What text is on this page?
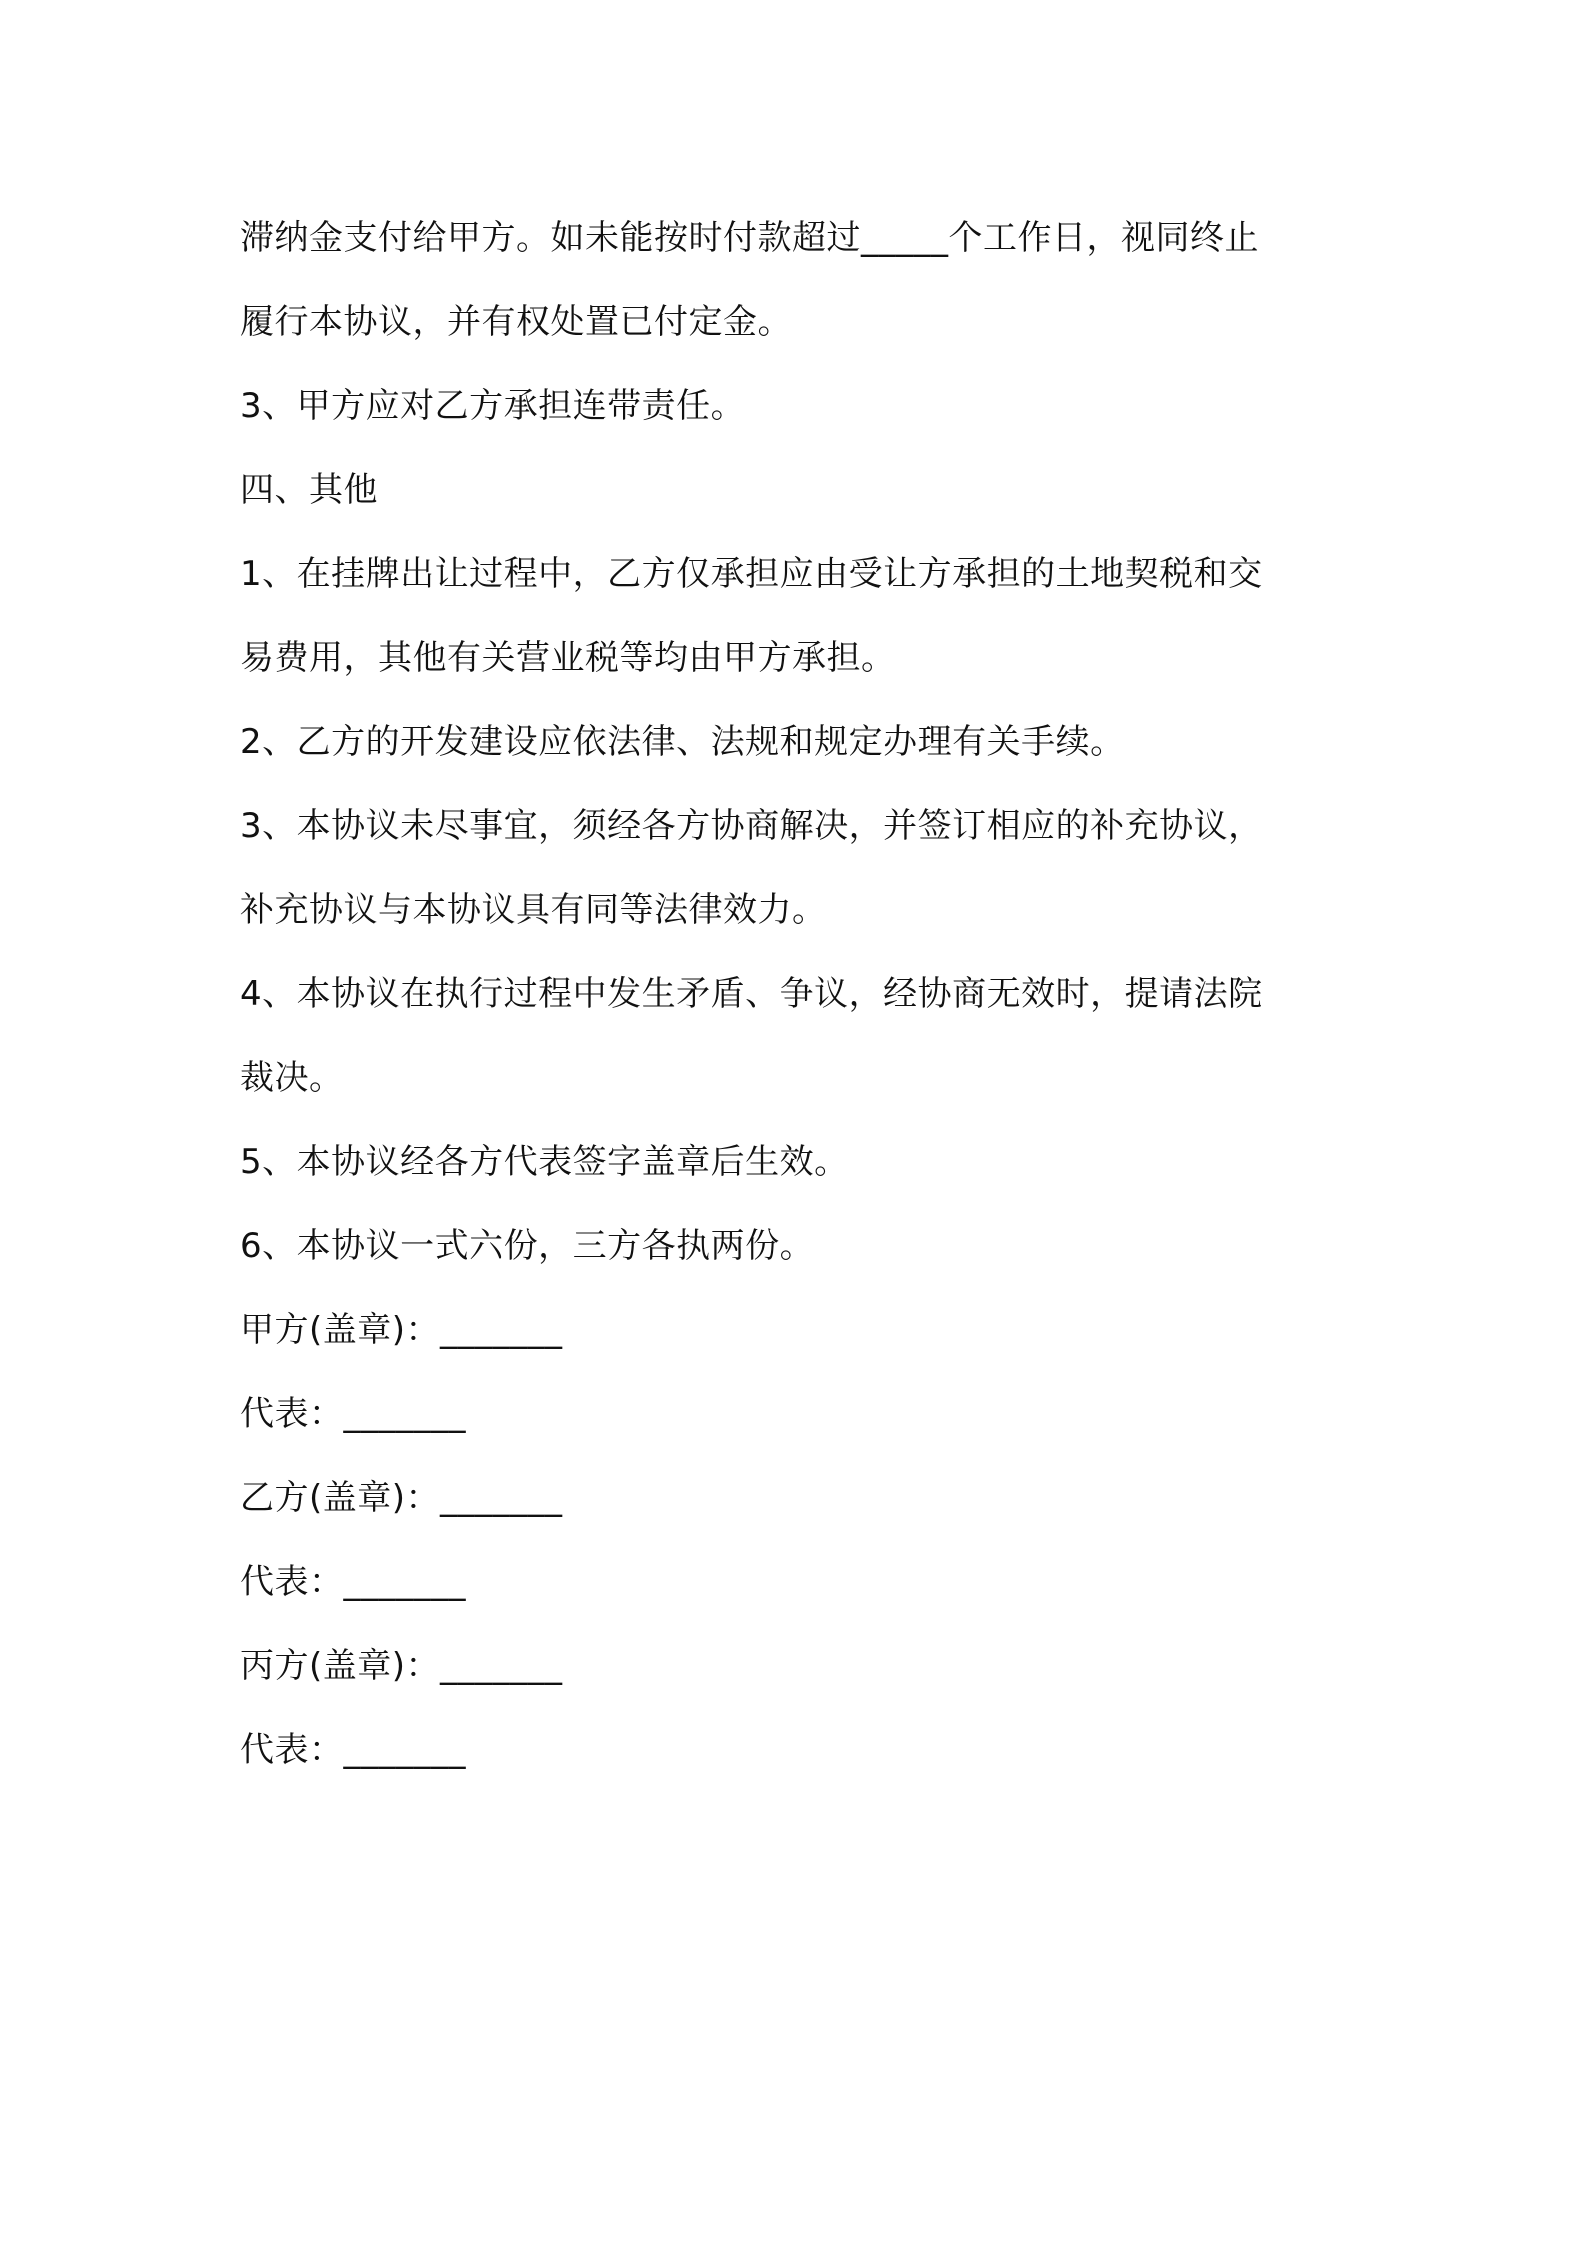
滞纳金支付给甲方。如未能按时付款超过_____个工作日，视同终止
履行本协议，并有权处置已付定金。
3、甲方应对乙方承担连带责任。
四、其他
1、在挂牌出让过程中，乙方仅承担应由受让方承担的土地契税和交
易费用，其他有关营业税等均由甲方承担。
2、乙方的开发建设应依法律、法规和规定办理有关手续。
3、本协议未尽事宜，须经各方协商解决，并签订相应的补充协议，
补充协议与本协议具有同等法律效力。
4、本协议在执行过程中发生矛盾、争议，经协商无效时，提请法院
裁决。
5、本协议经各方代表签字盖章后生效。
6、本协议一式六份，三方各执两份。
甲方(盖章)：_______
代表：_______
乙方(盖章)：_______
代表：_______
丙方(盖章)：_______
代表：_______
